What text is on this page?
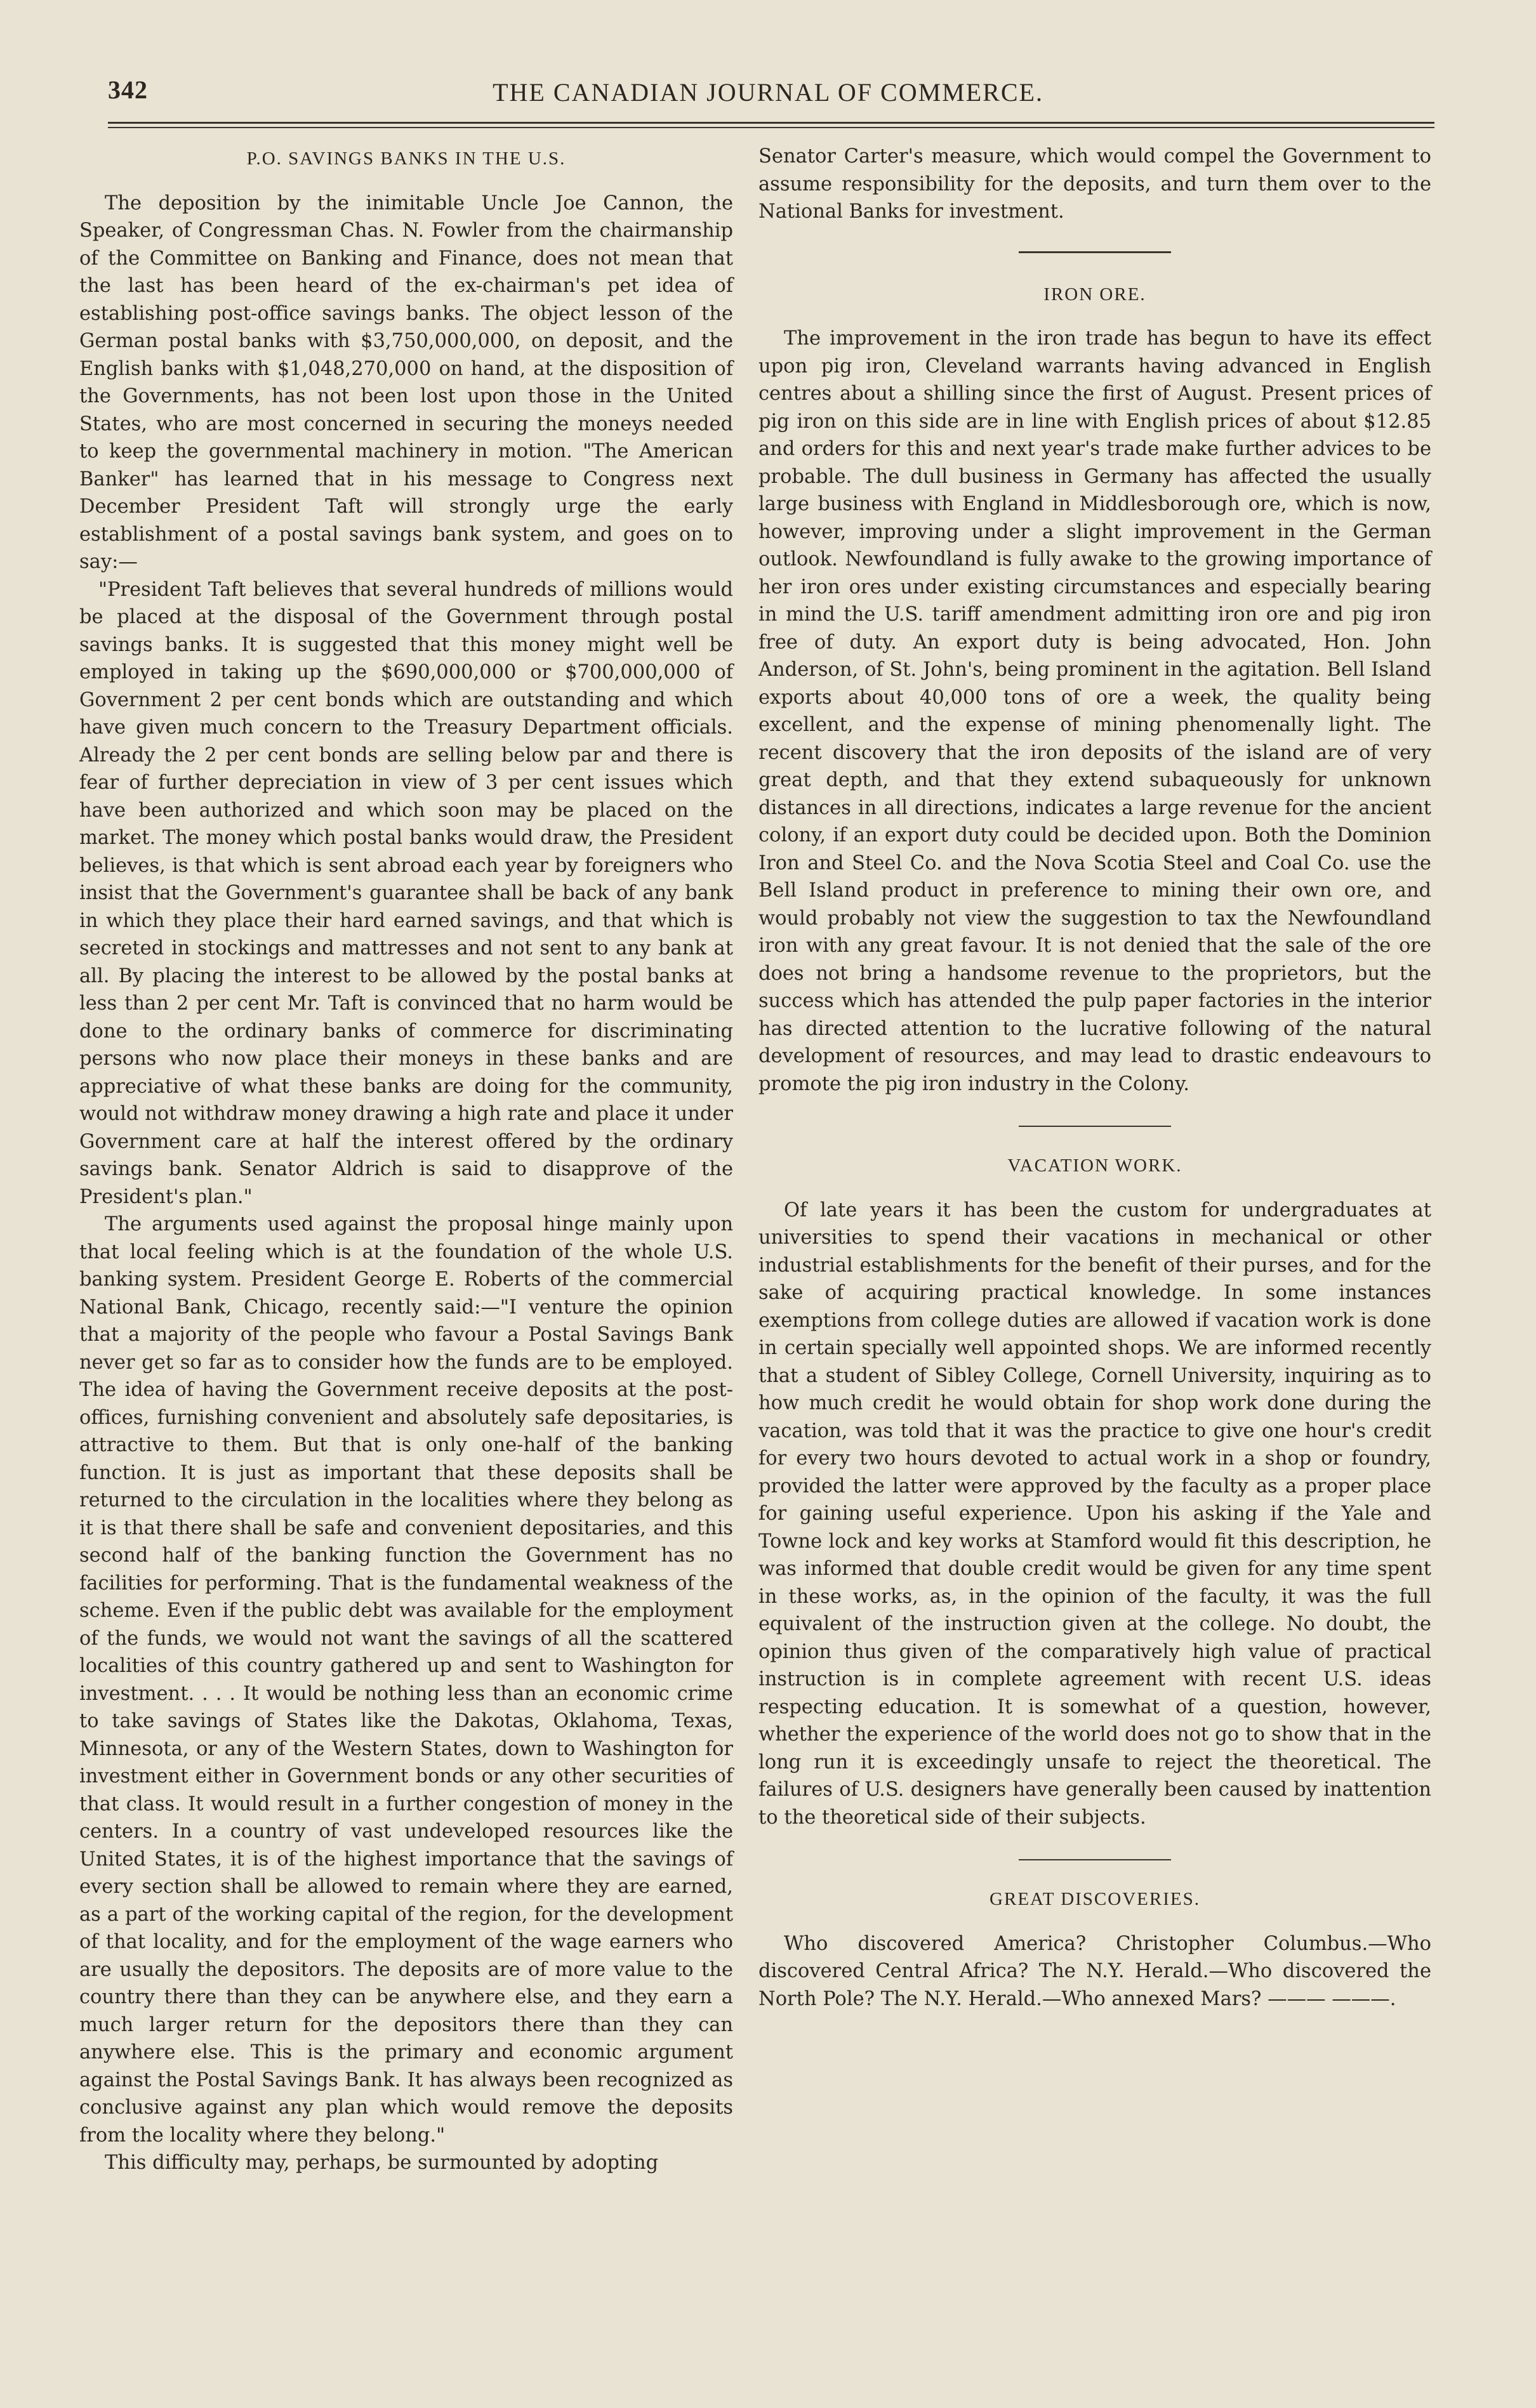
342	THE CANADIAN JOURNAL OF COMMERCE.
P.O. SAVINGS BANKS IN THE U.S.

The deposition by the inimitable Uncle Joe Cannon, the Speaker, of Congressman Chas. N. Fowler from the chairmanship of the Committee on Banking and Finance, does not mean that the last has been heard of the ex-chairman's pet idea of establishing post-office savings banks. The object lesson of the German postal banks with $3,750,000,000, on deposit, and the English banks with $1,048,270,000 on hand, at the disposition of the Governments, has not been lost upon those in the United States, who are most concerned in securing the moneys needed to keep the governmental machinery in motion. "The American Banker" has learned that in his message to Congress next December President Taft will strongly urge the early establishment of a postal savings bank system, and goes on to say:—

"President Taft believes that several hundreds of millions would be placed at the disposal of the Government through postal savings banks. It is suggested that this money might well be employed in taking up the $690,000,000 or $700,000,000 of Government 2 per cent bonds which are outstanding and which have given much concern to the Treasury Department officials. Already the 2 per cent bonds are selling below par and there is fear of further depreciation in view of 3 per cent issues which have been authorized and which soon may be placed on the market. The money which postal banks would draw, the President believes, is that which is sent abroad each year by foreigners who insist that the Government's guarantee shall be back of any bank in which they place their hard earned savings, and that which is secreted in stockings and mattresses and not sent to any bank at all. By placing the interest to be allowed by the postal banks at less than 2 per cent Mr. Taft is convinced that no harm would be done to the ordinary banks of commerce for discriminating persons who now place their moneys in these banks and are appreciative of what these banks are doing for the community, would not withdraw money drawing a high rate and place it under Government care at half the interest offered by the ordinary savings bank. Senator Aldrich is said to disapprove of the President's plan."

The arguments used against the proposal hinge mainly upon that local feeling which is at the foundation of the whole U.S. banking system. President George E. Roberts of the commercial National Bank, Chicago, recently said:—"I venture the opinion that a majority of the people who favour a Postal Savings Bank never get so far as to consider how the funds are to be employed. The idea of having the Government receive deposits at the post-offices, furnishing convenient and absolutely safe depositaries, is attractive to them. But that is only one-half of the banking function. It is just as important that these deposits shall be returned to the circulation in the localities where they belong as it is that there shall be safe and convenient depositaries, and this second half of the banking function the Government has no facilities for performing. That is the fundamental weakness of the scheme. Even if the public debt was available for the employment of the funds, we would not want the savings of all the scattered localities of this country gathered up and sent to Washington for investment. . . . It would be nothing less than an economic crime to take savings of States like the Dakotas, Oklahoma, Texas, Minnesota, or any of the Western States, down to Washington for investment either in Government bonds or any other securities of that class. It would result in a further congestion of money in the centers. In a country of vast undeveloped resources like the United States, it is of the highest importance that the savings of every section shall be allowed to remain where they are earned, as a part of the working capital of the region, for the development of that locality, and for the employment of the wage earners who are usually the depositors. The deposits are of more value to the country there than they can be anywhere else, and they earn a much larger return for the depositors there than they can anywhere else. This is the primary and economic argument against the Postal Savings Bank. It has always been recognized as conclusive against any plan which would remove the deposits from the locality where they belong."

This difficulty may, perhaps, be surmounted by adopting

Senator Carter's measure, which would compel the Government to assume responsibility for the deposits, and turn them over to the National Banks for investment.

IRON ORE.

The improvement in the iron trade has begun to have its effect upon pig iron, Cleveland warrants having advanced in English centres about a shilling since the first of August. Present prices of pig iron on this side are in line with English prices of about $12.85 and orders for this and next year's trade make further advices to be probable. The dull business in Germany has affected the usually large business with England in Middlesborough ore, which is now, however, improving under a slight improvement in the German outlook. Newfoundland is fully awake to the growing importance of her iron ores under existing circumstances and especially bearing in mind the U.S. tariff amendment admitting iron ore and pig iron free of duty. An export duty is being advocated, Hon. John Anderson, of St. John's, being prominent in the agitation. Bell Island exports about 40,000 tons of ore a week, the quality being excellent, and the expense of mining phenomenally light. The recent discovery that the iron deposits of the island are of very great depth, and that they extend subaqueously for unknown distances in all directions, indicates a large revenue for the ancient colony, if an export duty could be decided upon. Both the Dominion Iron and Steel Co. and the Nova Scotia Steel and Coal Co. use the Bell Island product in preference to mining their own ore, and would probably not view the suggestion to tax the Newfoundland iron with any great favour. It is not denied that the sale of the ore does not bring a handsome revenue to the proprietors, but the success which has attended the pulp paper factories in the interior has directed attention to the lucrative following of the natural development of resources, and may lead to drastic endeavours to promote the pig iron industry in the Colony.

VACATION WORK.

Of late years it has been the custom for undergraduates at universities to spend their vacations in mechanical or other industrial establishments for the benefit of their purses, and for the sake of acquiring practical knowledge. In some instances exemptions from college duties are allowed if vacation work is done in certain specially well appointed shops. We are informed recently that a student of Sibley College, Cornell University, inquiring as to how much credit he would obtain for shop work done during the vacation, was told that it was the practice to give one hour's credit for every two hours devoted to actual work in a shop or foundry, provided the latter were approved by the faculty as a proper place for gaining useful experience. Upon his asking if the Yale and Towne lock and key works at Stamford would fit this description, he was informed that double credit would be given for any time spent in these works, as, in the opinion of the faculty, it was the full equivalent of the instruction given at the college. No doubt, the opinion thus given of the comparatively high value of practical instruction is in complete agreement with recent U.S. ideas respecting education. It is somewhat of a question, however, whether the experience of the world does not go to show that in the long run it is exceedingly unsafe to reject the theoretical. The failures of U.S. designers have generally been caused by inattention to the theoretical side of their subjects.

GREAT DISCOVERIES.

Who discovered America? Christopher Columbus.—Who discovered Central Africa? The N.Y. Herald.—Who discovered the North Pole? The N.Y. Herald.—Who annexed Mars? ——— ———.
